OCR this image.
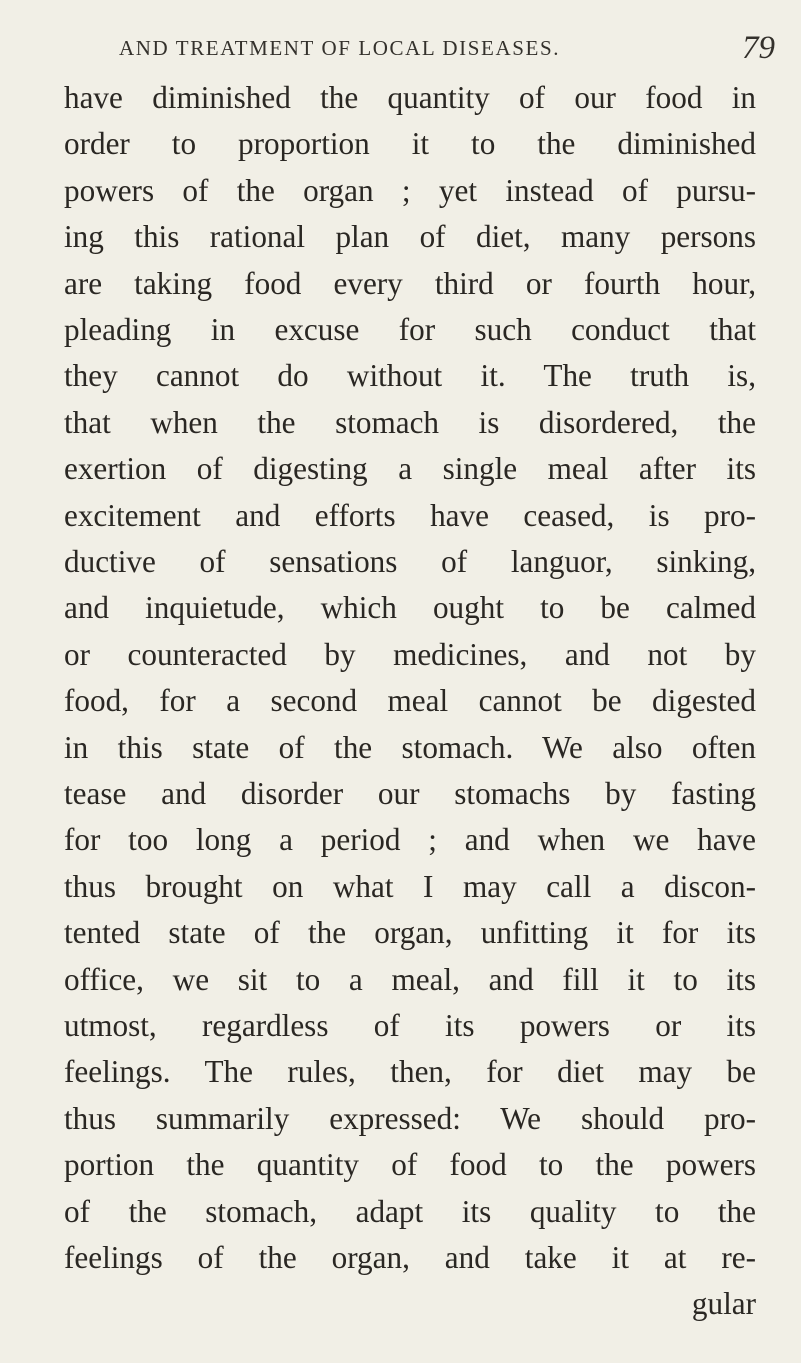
AND TREATMENT OF LOCAL DISEASES.	79
have diminished the quantity of our food in
order to proportion it to the diminished
powers of the organ ; yet instead of pursu-
ing this rational plan of diet, many persons
are taking food every third or fourth hour,
pleading in excuse for such conduct that
they cannot do without it. The truth is,
that when the stomach is disordered, the
exertion of digesting a single meal after its
excitement and efforts have ceased, is pro-
ductive of sensations of languor, sinking,
and inquietude, which ought to be calmed
or counteracted by medicines, and not by
food, for a second meal cannot be digested
in this state of the stomach. We also often
tease and disorder our stomachs by fasting
for too long a period ; and when we have
thus brought on what I may call a discon-
tented state of the organ, unfitting it for its
office, we sit to a meal, and fill it to its
utmost, regardless of its powers or its
feelings. The rules, then, for diet may be
thus summarily expressed: We should pro-
portion the quantity of food to the powers
of the stomach, adapt its quality to the
feelings of the organ, and take it at re-
gular
